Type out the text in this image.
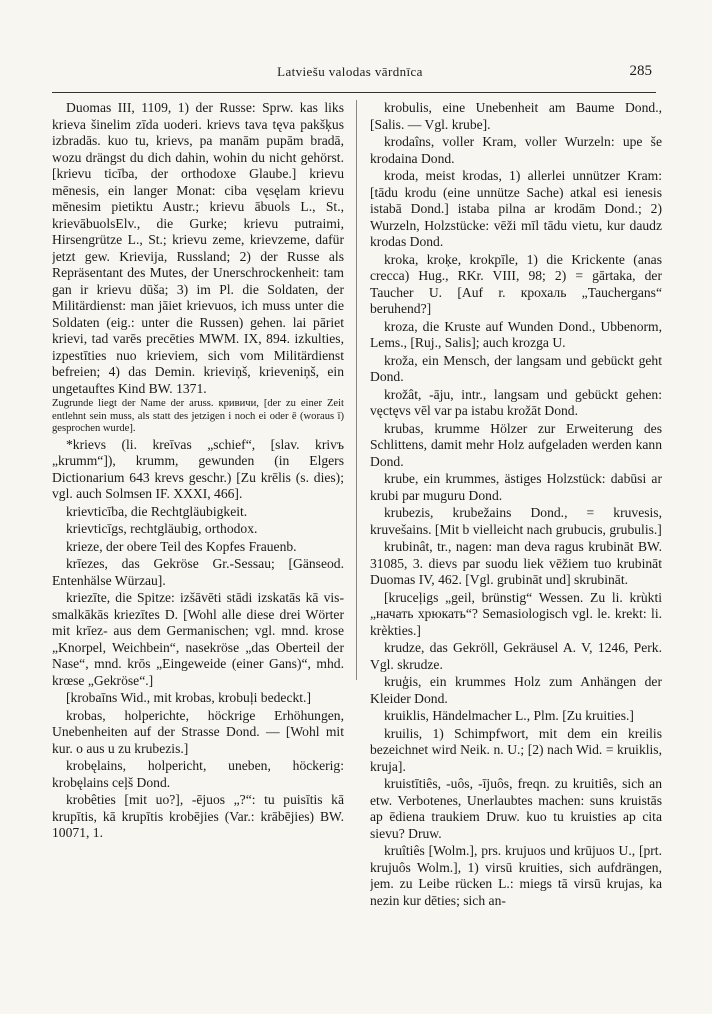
Latviešu valodas vārdnīca	285

Duomas III, 1109, 1) der Russe: Sprw. kas liks krieva šinelim zīda uoderi. krievs tava tęva pakšķus izbradās. kuo tu, krievs, pa manām pupām bradā, wozu drängst du dich dahin, wohin du nicht gehörst. [krievu ticība, der orthodoxe Glaube.] krievu mēnesis, ein langer Monat: ciba vęsęlam krievu mēnesim pietiktu Austr.; krievu ābuols L., St., krievābuolsElv., die Gurke; krievu putraimi, Hirsengrütze L., St.; krievu zeme, krievzeme, dafür jetzt gew. Krievija, Russland; 2) der Russe als Repräsentant des Mutes, der Unerschrockenheit: tam gan ir krievu dūša; 3) im Pl. die Soldaten, der Militärdienst: man jāiet krievuos, ich muss unter die Soldaten (eig.: unter die Russen) gehen. lai pāriet krievi, tad varēs precēties MWM. IX, 894. izkulties, izpestīties nuo krieviem, sich vom Militärdienst befreien; 4) das Demin. krieviņš, krieveniņš, ein ungetauftes Kind BW. 1371.

Zugrunde liegt der Name der aruss. кривичи, [der zu einer Zeit entlehnt sein muss, als statt des jetzigen i noch ei oder ē (woraus ī) gesprochen wurde].

*krievs (li. kreīvas „schief“, [slav. krivъ „krumm“]), krumm, gewunden (in Elgers Dictionarium 643 krevs geschr.) [Zu krēlis (s. dies); vgl. auch Solmsen IF. XXXI, 466].

krievticība, die Rechtgläubigkeit.

krievticīgs, rechtgläubig, orthodox.

krieze, der obere Teil des Kopfes Frauenb.

krīezes, das Gekröse Gr.-Sessau; [Gänseod. Entenhälse Würzau].

kriezīte, die Spitze: izšāvēti stādi izskatās kā vis-smalkākās kriezītes D. [Wohl alle diese drei Wörter mit krīez- aus dem Germanischen; vgl. mnd. krose „Knorpel, Weichbein“, nasekröse „das Oberteil der Nase“, mnd. krōs „Eingeweide (einer Gans)“, mhd. krœse „Gekröse“.]

[krobaīns Wid., mit krobas, krobuļi bedeckt.]

krobas, holperichte, höckrige Erhöhungen, Unebenheiten auf der Strasse Dond. — [Wohl mit kur. o aus u zu krubezis.]

krobęlains, holpericht, uneben, höckerig: krobęlains ceļš Dond.

krobêties [mit uo?], -ējuos „?“: tu puisītis kā krupītis, kā krupītis krobējies (Var.: krābējies) BW. 10071, 1.

krobulis, eine Unebenheit am Baume Dond., [Salis. — Vgl. krube].

krodaîns, voller Kram, voller Wurzeln: upe še krodaina Dond.

kroda, meist krodas, 1) allerlei unnützer Kram: [tādu krodu (eine unnütze Sache) atkal esi ienesis istabā Dond.] istaba pilna ar krodām Dond.; 2) Wurzeln, Holzstücke: vēži mīl tādu vietu, kur daudz krodas Dond.

kroka, kroķe, krokpīle, 1) die Krickente (anas crecca) Hug., RKr. VIII, 98; 2) = gārtaka, der Taucher U. [Auf r. крохаль „Tauchergans“ beruhend?]

kroza, die Kruste auf Wunden Dond., Ubbenorm, Lems., [Ruj., Salis]; auch krozga U.

kroža, ein Mensch, der langsam und gebückt geht Dond.

krožât, -āju, intr., langsam und gebückt gehen: vęctęvs vēl var pa istabu krožāt Dond.

krubas, krumme Hölzer zur Erweiterung des Schlittens, damit mehr Holz aufgeladen werden kann Dond.

krube, ein krummes, ästiges Holzstück: dabūsi ar krubi par muguru Dond.

krubezis, krubežains Dond., = kruvesis, kruvešains. [Mit b vielleicht nach grubucis, grubulis.]

krubinât, tr., nagen: man deva ragus krubināt BW. 31085, 3. dievs par suodu liek vēžiem tuo krubināt Duomas IV, 462. [Vgl. grubināt und] skrubināt.

[kruceļigs „geil, brünstig“ Wessen. Zu li. krùkti „начать хрюкать“? Semasiologisch vgl. le. krekt: li. krèkties.]

krudze, das Gekröll, Gekräusel A. V, 1246, Perk. Vgl. skrudze.

kruģis, ein krummes Holz zum Anhängen der Kleider Dond.

kruiklis, Händelmacher L., Plm. [Zu kruities.]

kruilis, 1) Schimpfwort, mit dem ein kreilis bezeichnet wird Neik. n. U.; [2) nach Wid. = kruiklis, kruja].

kruistītiês, -uôs, -ījuôs, freqn. zu kruitiês, sich an etw. Verbotenes, Unerlaubtes machen: suns kruistās ap ēdiena traukiem Druw. kuo tu kruisties ap cita sievu? Druw.

kruîtiês [Wolm.], prs. krujuos und krūjuos U., [prt. krujuôs Wolm.], 1) virsū kruities, sich aufdrängen, jem. zu Leibe rücken L.: miegs tā virsū krujas, ka nezin kur dēties; sich an-
